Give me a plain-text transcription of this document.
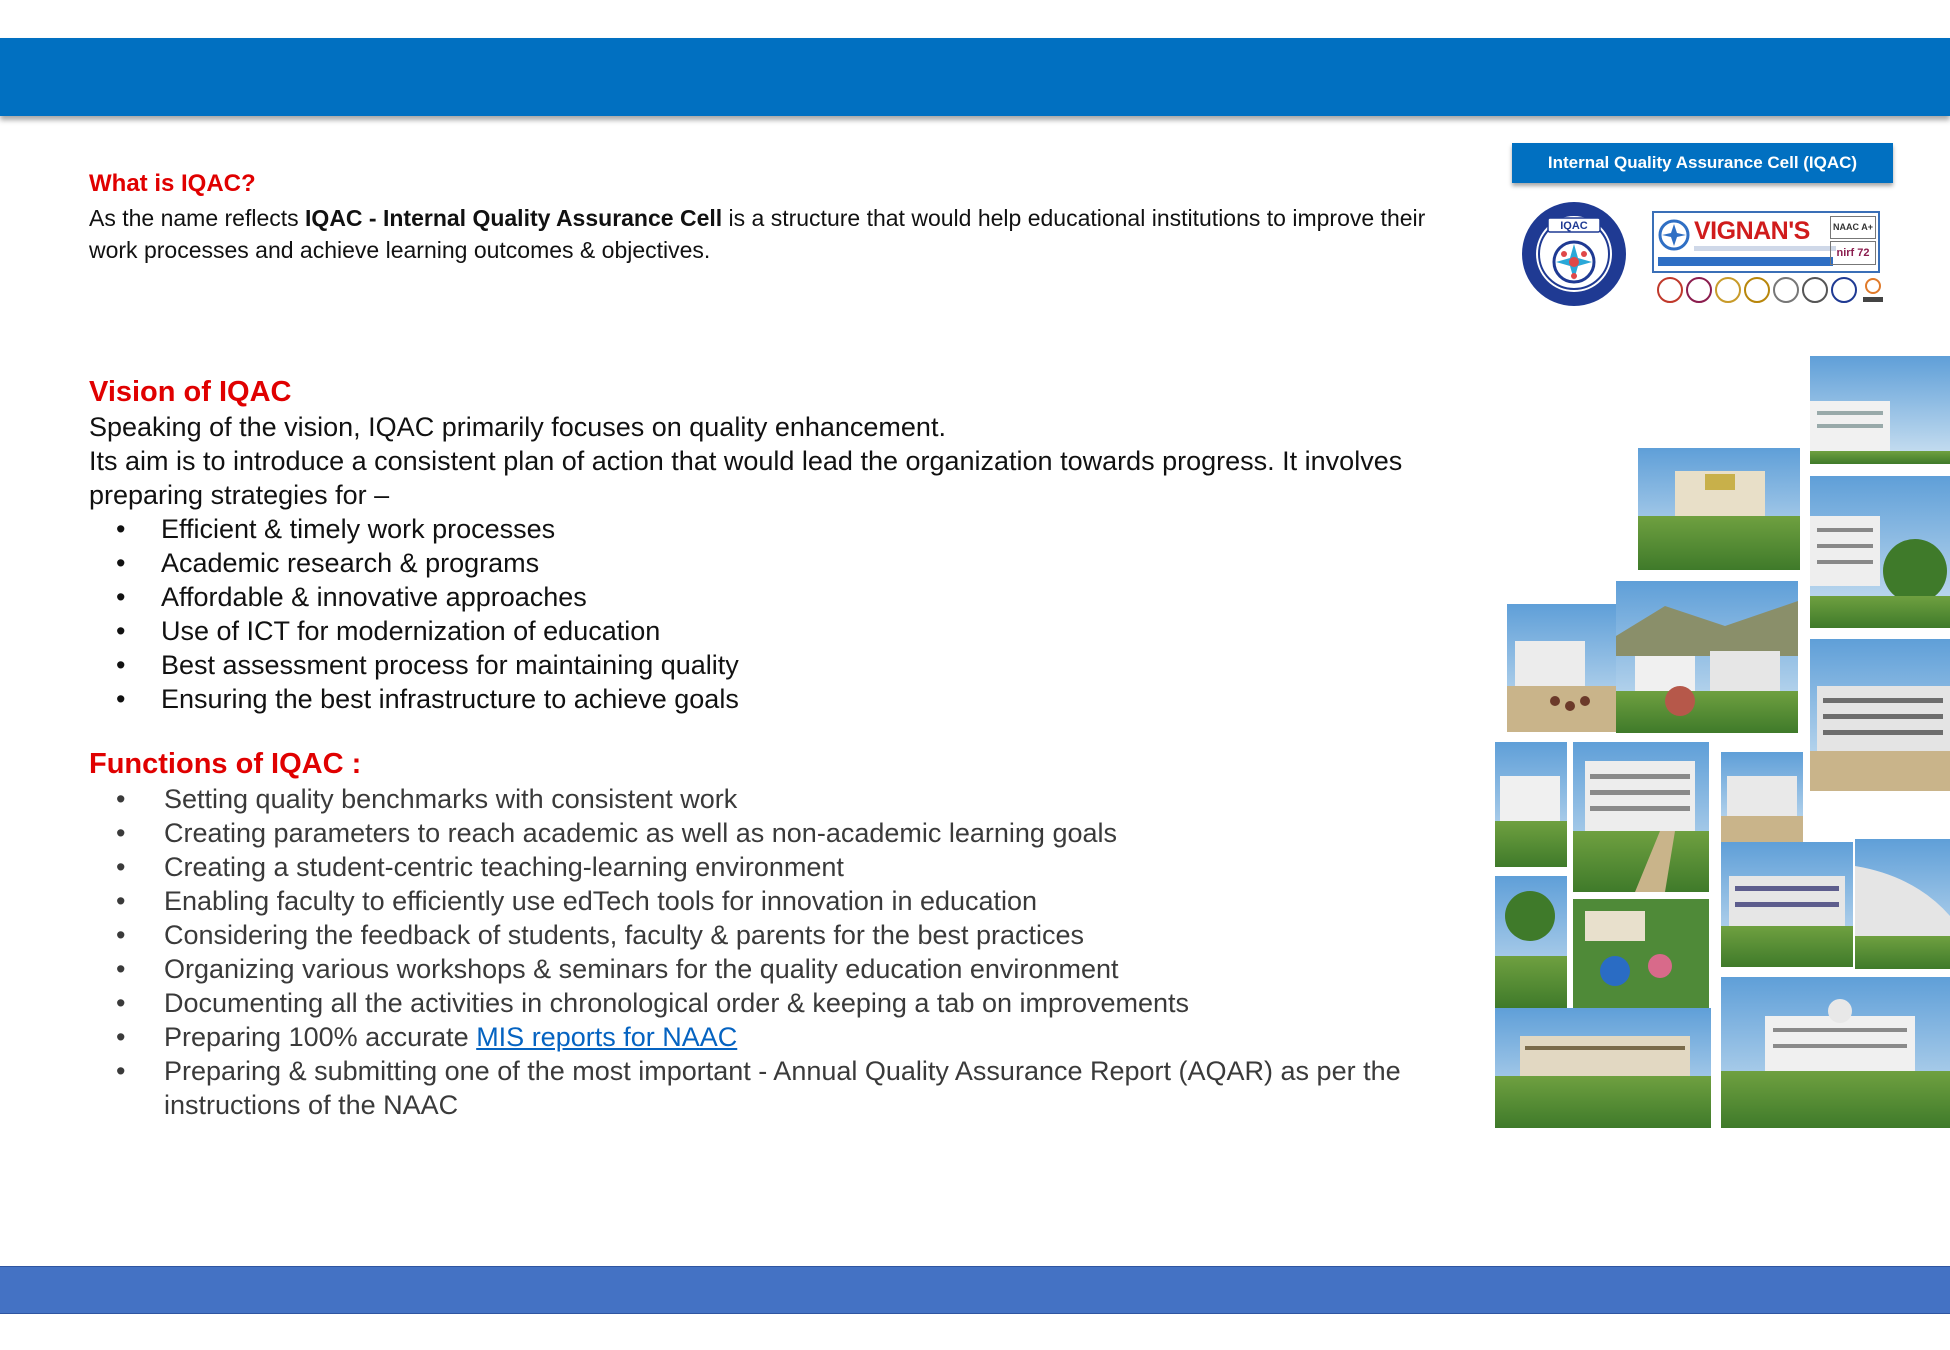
Internal Quality Assurance Cell (IQAC)
IQAC	VIGNAN'S	NAAC A+
nirf 72
What is IQAC?

As the name reflects IQAC - Internal Quality Assurance Cell is a structure that would help educational institutions to improve their work processes and achieve learning outcomes & objectives.

Vision of IQAC

Speaking of the vision, IQAC primarily focuses on quality enhancement.

Its aim is to introduce a consistent plan of action that would lead the organization towards progress. It involves preparing strategies for –

• Efficient & timely work processes
• Academic research & programs
• Affordable & innovative approaches
• Use of ICT for modernization of education
• Best assessment process for maintaining quality
• Ensuring the best infrastructure to achieve goals
Functions of IQAC :
• Setting quality benchmarks with consistent work
• Creating parameters to reach academic as well as non-academic learning goals
• Creating a student-centric teaching-learning environment
• Enabling faculty to efficiently use edTech tools for innovation in education
• Considering the feedback of students, faculty & parents for the best practices
• Organizing various workshops & seminars for the quality education environment
• Documenting all the activities in chronological order & keeping a tab on improvements
• Preparing 100% accurate MIS reports for NAAC
• Preparing & submitting one of the most important - Annual Quality Assurance Report (AQAR) as per the instructions of the NAAC
